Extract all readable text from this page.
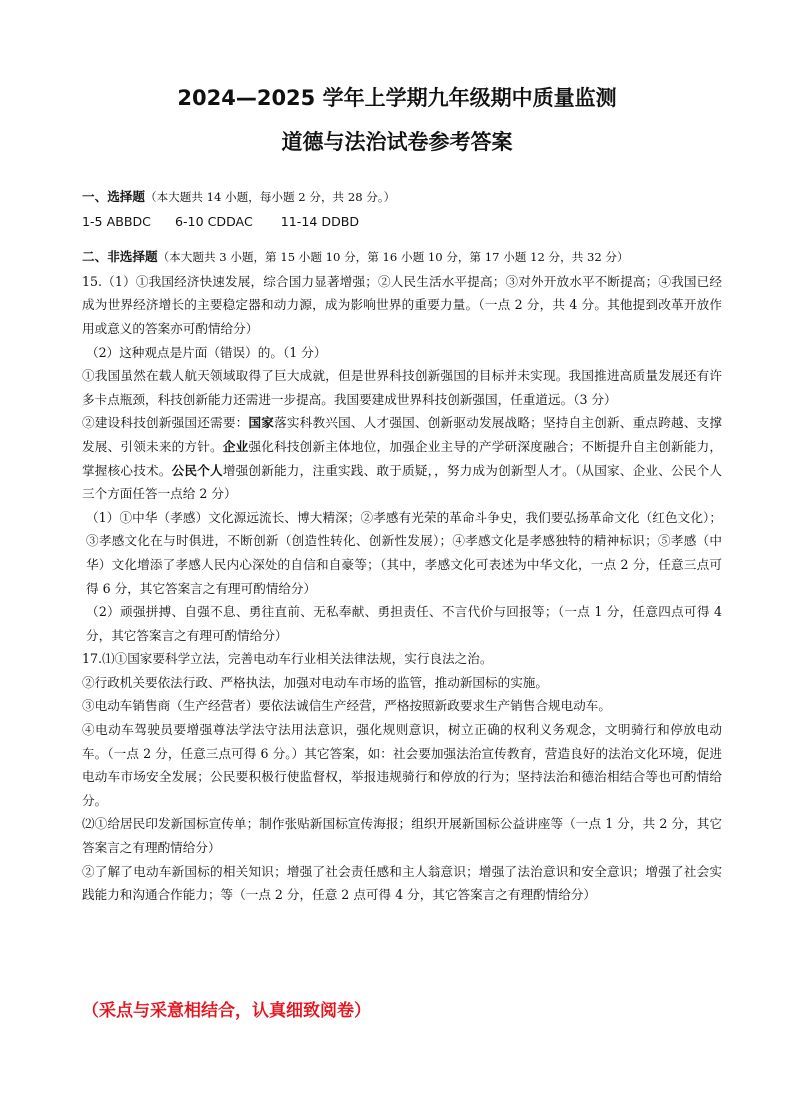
2024—2025 学年上学期九年级期中质量监测
道德与法治试卷参考答案

一、选择题（本大题共 14 小题，每小题 2 分，共 28 分。）

1-5 ABBDC 6-10 CDDAC 11-14 DDBD

二、非选择题（本大题共 3 小题，第 15 小题 10 分，第 16 小题 10 分，第 17 小题 12 分，共 32 分）

15.（1）①我国经济快速发展，综合国力显著增强；②人民生活水平提高；③对外开放水平不断提高；④我国已经成为世界经济增长的主要稳定器和动力源，成为影响世界的重要力量。（一点 2 分，共 4 分。其他提到改革开放作用或意义的答案亦可酌情给分）

（2）这种观点是片面（错误）的。（1 分）

①我国虽然在载人航天领域取得了巨大成就，但是世界科技创新强国的目标并未实现。我国推进高质量发展还有许多卡点瓶颈，科技创新能力还需进一步提高。我国要建成世界科技创新强国，任重道远。（3 分）

②建设科技创新强国还需要：国家落实科教兴国、人才强国、创新驱动发展战略；坚持自主创新、重点跨越、支撑发展、引领未来的方针。企业强化科技创新主体地位，加强企业主导的产学研深度融合；不断提升自主创新能力，掌握核心技术。公民个人增强创新能力，注重实践、敢于质疑，，努力成为创新型人才。（从国家、企业、公民个人三个方面任答一点给 2 分）

（1）①中华（孝感）文化源远流长、博大精深；②孝感有光荣的革命斗争史，我们要弘扬革命文化（红色文化）；③孝感文化在与时俱进，不断创新（创造性转化、创新性发展）；④孝感文化是孝感独特的精神标识；⑤孝感（中华）文化增添了孝感人民内心深处的自信和自豪等；（其中，孝感文化可表述为中华文化，一点 2 分，任意三点可得 6 分，其它答案言之有理可酌情给分）

（2）顽强拼搏、自强不息、勇往直前、无私奉献、勇担责任、不言代价与回报等；（一点 1 分，任意四点可得 4 分，其它答案言之有理可酌情给分）

17.⑴①国家要科学立法，完善电动车行业相关法律法规，实行良法之治。

②行政机关要依法行政、严格执法，加强对电动车市场的监管，推动新国标的实施。

③电动车销售商（生产经营者）要依法诚信生产经营，严格按照新政要求生产销售合规电动车。

④电动车驾驶员要增强尊法学法守法用法意识，强化规则意识，树立正确的权利义务观念，文明骑行和停放电动车。（一点 2 分，任意三点可得 6 分。）其它答案，如：社会要加强法治宣传教育，营造良好的法治文化环境，促进电动车市场安全发展；公民要积极行使监督权，举报违规骑行和停放的行为；坚持法治和德治相结合等也可酌情给分。

⑵①给居民印发新国标宣传单；制作张贴新国标宣传海报；组织开展新国标公益讲座等（一点 1 分，共 2 分，其它答案言之有理酌情给分）

②了解了电动车新国标的相关知识；增强了社会责任感和主人翁意识；增强了法治意识和安全意识；增强了社会实践能力和沟通合作能力；等（一点 2 分，任意 2 点可得 4 分，其它答案言之有理酌情给分）

（采点与采意相结合，认真细致阅卷）
